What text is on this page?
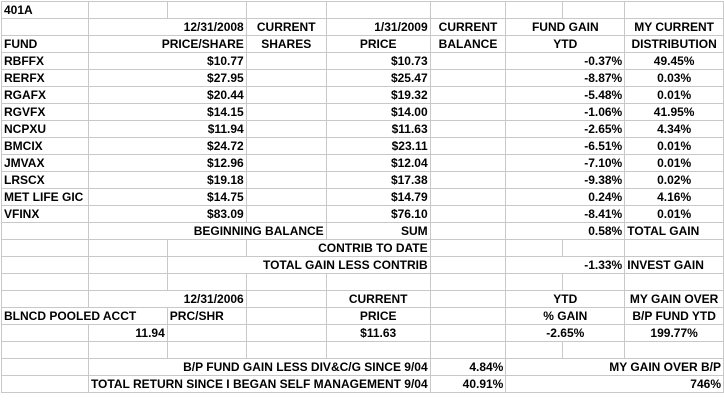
401A								
	12/31/2008		CURRENT	1/31/2009	CURRENT	FUND GAIN		MY CURRENT
FUND	PRICE/SHARE		SHARES	PRICE	BALANCE	YTD		DISTRIBUTION
RBFFX	$10.77			$10.73		-0.37%		49.45%
RERFX	$27.95			$25.47		-8.87%		0.03%
RGAFX	$20.44			$19.32		-5.48%		0.01%
RGVFX	$14.15			$14.00		-1.06%		41.95%
NCPXU	$11.94			$11.63		-2.65%		4.34%
BMCIX	$24.72			$23.11		-6.51%		0.01%
JMVAX	$12.96			$12.04		-7.10%		0.01%
LRSCX	$19.18			$17.38		-9.38%		0.02%
MET LIFE GIC	$14.75			$14.79		0.24%		4.16%
VFINX	$83.09			$76.10		-8.41%		0.01%
	BEGINNING BALANCE			SUM		0.58%		TOTAL GAIN
			CONTRIB TO DATE					
		TOTAL GAIN LESS CONTRIB				-1.33%		INVEST GAIN

	12/31/2006			CURRENT		YTD		MY GAIN OVER
BLNCD POOLED ACCT		PRC/SHR		PRICE		% GAIN		B/P FUND YTD
	11.94			$11.63		-2.65%		199.77%

	B/P FUND GAIN LESS DIV&C/G SINCE 9/04				4.84%	MY GAIN OVER B/P		
	TOTAL RETURN SINCE I BEGAN SELF MANAGEMENT 9/04				40.91%	746%		
